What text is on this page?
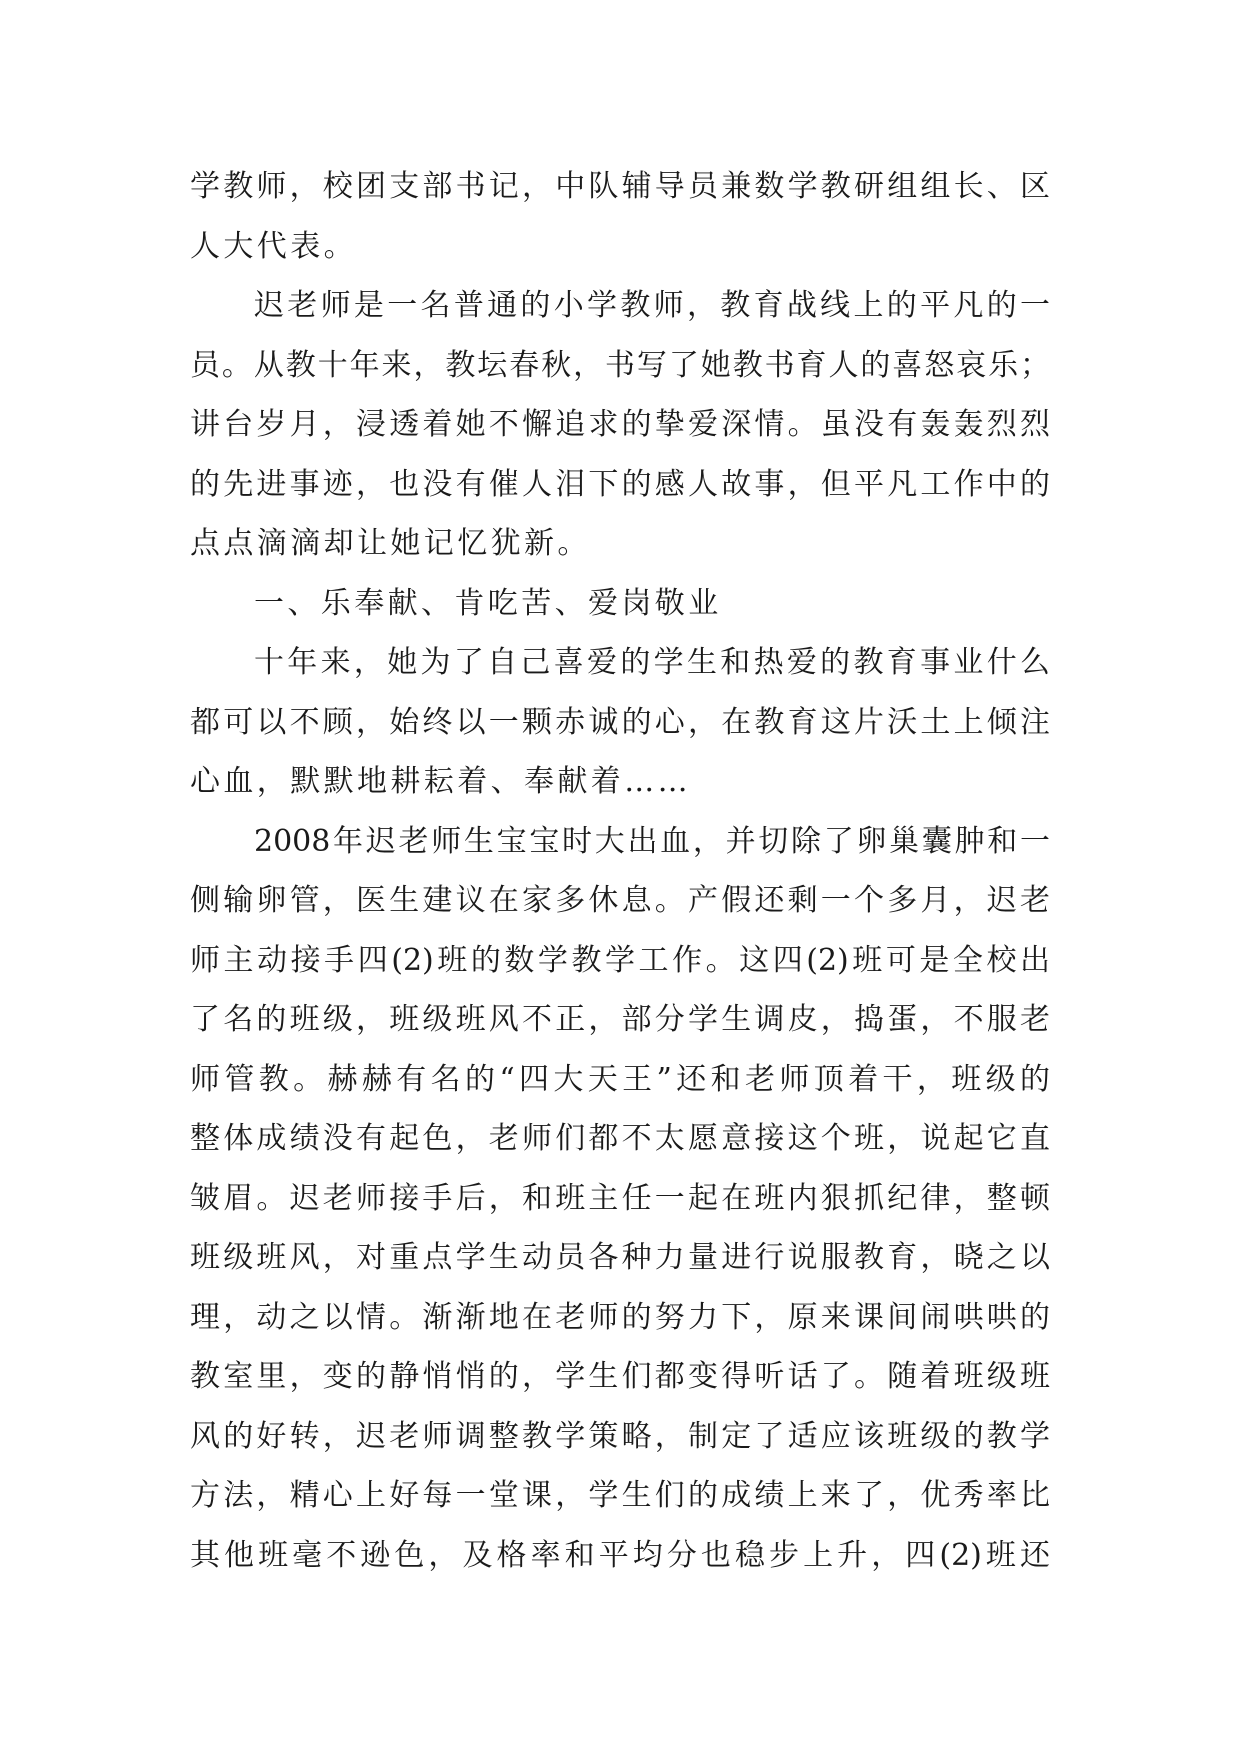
学教师，校团支部书记，中队辅导员兼数学教研组组长、区
人大代表。
迟老师是一名普通的小学教师，教育战线上的平凡的一
员。从教十年来，教坛春秋，书写了她教书育人的喜怒哀乐；
讲台岁月，浸透着她不懈追求的挚爱深情。虽没有轰轰烈烈
的先进事迹，也没有催人泪下的感人故事，但平凡工作中的
点点滴滴却让她记忆犹新。
一、乐奉献、肯吃苦、爱岗敬业
十年来，她为了自己喜爱的学生和热爱的教育事业什么
都可以不顾，始终以一颗赤诚的心，在教育这片沃土上倾注
心血，默默地耕耘着、奉献着……
2008年迟老师生宝宝时大出血，并切除了卵巢囊肿和一
侧输卵管，医生建议在家多休息。产假还剩一个多月，迟老
师主动接手四(2)班的数学教学工作。这四(2)班可是全校出
了名的班级，班级班风不正，部分学生调皮，捣蛋，不服老
师管教。赫赫有名的“四大天王”还和老师顶着干，班级的
整体成绩没有起色，老师们都不太愿意接这个班，说起它直
皱眉。迟老师接手后，和班主任一起在班内狠抓纪律，整顿
班级班风，对重点学生动员各种力量进行说服教育，晓之以
理，动之以情。渐渐地在老师的努力下，原来课间闹哄哄的
教室里，变的静悄悄的，学生们都变得听话了。随着班级班
风的好转，迟老师调整教学策略，制定了适应该班级的教学
方法，精心上好每一堂课，学生们的成绩上来了，优秀率比
其他班毫不逊色，及格率和平均分也稳步上升，四(2)班还
